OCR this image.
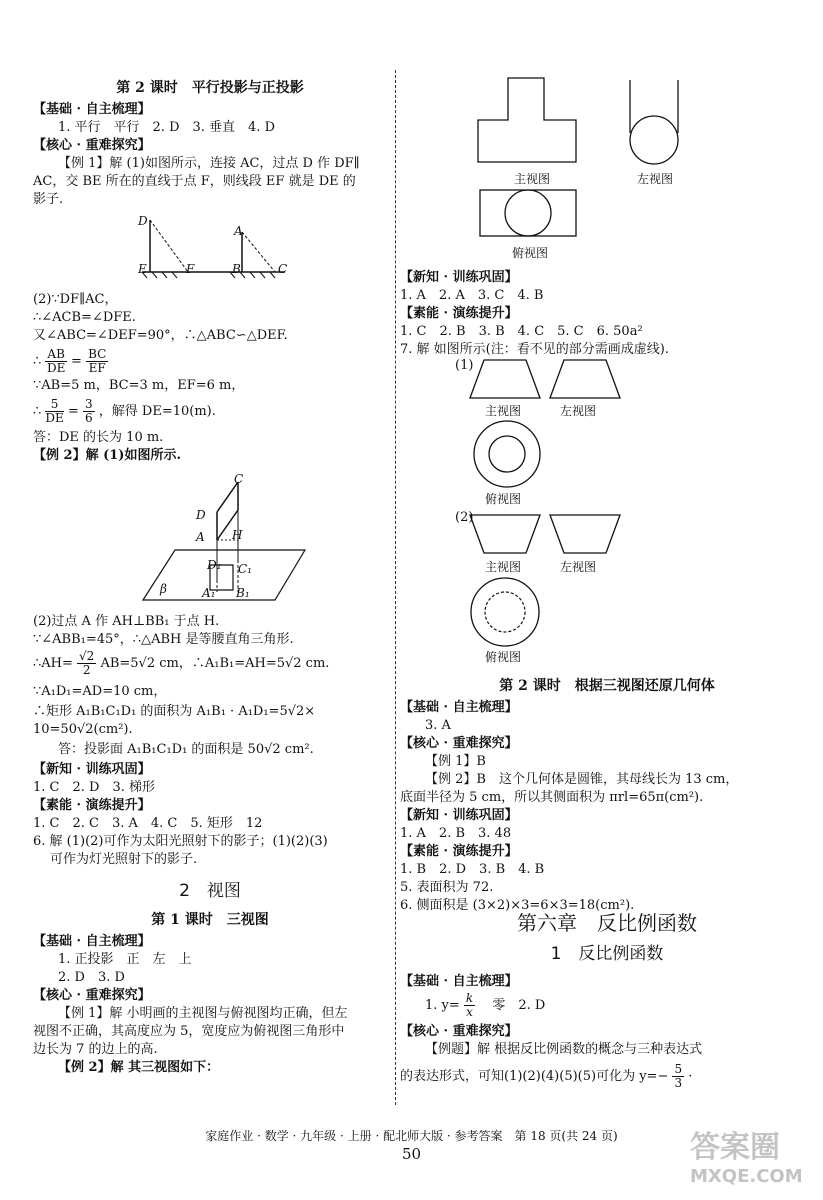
第 2 课时　平行投影与正投影
【基础 · 自主梳理】
1. 平行　平行　2. D　3. 垂直　4. D
【核心 · 重难探究】
【例 1】解 (1)如图所示，连接 AC，过点 D 作 DF∥
AC，交 BE 所在的直线于点 F，则线段 EF 就是 DE 的
影子.
D
A
E	F	B	C
(2)∵DF∥AC，
∴∠ACB=∠DFE.
又∠ABC=∠DEF=90°，∴△ABC∽△DEF.
∴ $\frac{AB}{DE} = \frac{BC}{EF}$
∵AB=5 m，BC=3 m，EF=6 m，
∴ $\frac{5}{DE} = \frac{3}{6}$ ，解得 DE=10(m).
答：DE 的长为 10 m.
【例 2】解 (1)如图所示.
C
D
A H
D₁ C₁
A₁ B₁
β
(2)过点 A 作 AH⊥BB₁ 于点 H.
∵∠ABB₁=45°，∴△ABH 是等腰直角三角形.
∴AH= $\frac{√2}{2} AB=5√2$ cm，∴A₁B₁=AH=5√2 cm.
∵A₁D₁=AD=10 cm，
∴矩形 A₁B₁C₁D₁ 的面积为 A₁B₁ · A₁D₁=5√2×
10=50√2(cm²).
答：投影面 A₁B₁C₁D₁ 的面积是 50√2 cm².
【新知 · 训练巩固】
1. C　2. D　3. 梯形
【素能 · 演练提升】
1. C　2. C　3. A　4. C　5. 矩形　12
6. 解 (1)(2)可作为太阳光照射下的影子；(1)(2)(3)
可作为灯光照射下的影子.
2　视图
第 1 课时　三视图
【基础 · 自主梳理】
1. 正投影　正　左　上
2. D　3. D
【核心 · 重难探究】
【例 1】解 小明画的主视图与俯视图均正确，但左
视图不正确，其高度应为 5，宽度应为俯视图三角形中
边长为 7 的边上的高.
【例 2】解 其三视图如下：
主视图	左视图
俯视图
【新知 · 训练巩固】
1. A　2. A　3. C　4. B
【素能 · 演练提升】
1. C　2. B　3. B　4. C　5. C　6. 50a²
7. 解 如图所示(注：看不见的部分需画成虚线).
(1)
主视图	左视图
俯视图
(2)
主视图	左视图
俯视图
第 2 课时　根据三视图还原几何体
【基础 · 自主梳理】
3. A
【核心 · 重难探究】
【例 1】B
【例 2】B　这个几何体是圆锥，其母线长为 13 cm，
底面半径为 5 cm，所以其侧面积为 πrl=65π(cm²).
【新知 · 训练巩固】
1. A　2. B　3. 48
【素能 · 演练提升】
1. B　2. D　3. B　4. B
5. 表面积为 72.
6. 侧面积是 (3×2)×3=6×3=18(cm²).
第六章　反比例函数
1　反比例函数
【基础 · 自主梳理】
1. $y= \frac{k}{x}$ 　零　2. D
【核心 · 重难探究】
【例题】解 根据反比例函数的概念与三种表达式
的表达形式，可知(1)(2)(4)(5)(5)可化为 $y=- \frac{5}{3}$ ·
家庭作业 · 数学 · 九年级 · 上册 · 配北师大版 · 参考答案　第 18 页(共 24 页)
50	答案圈
MXQE.COM
